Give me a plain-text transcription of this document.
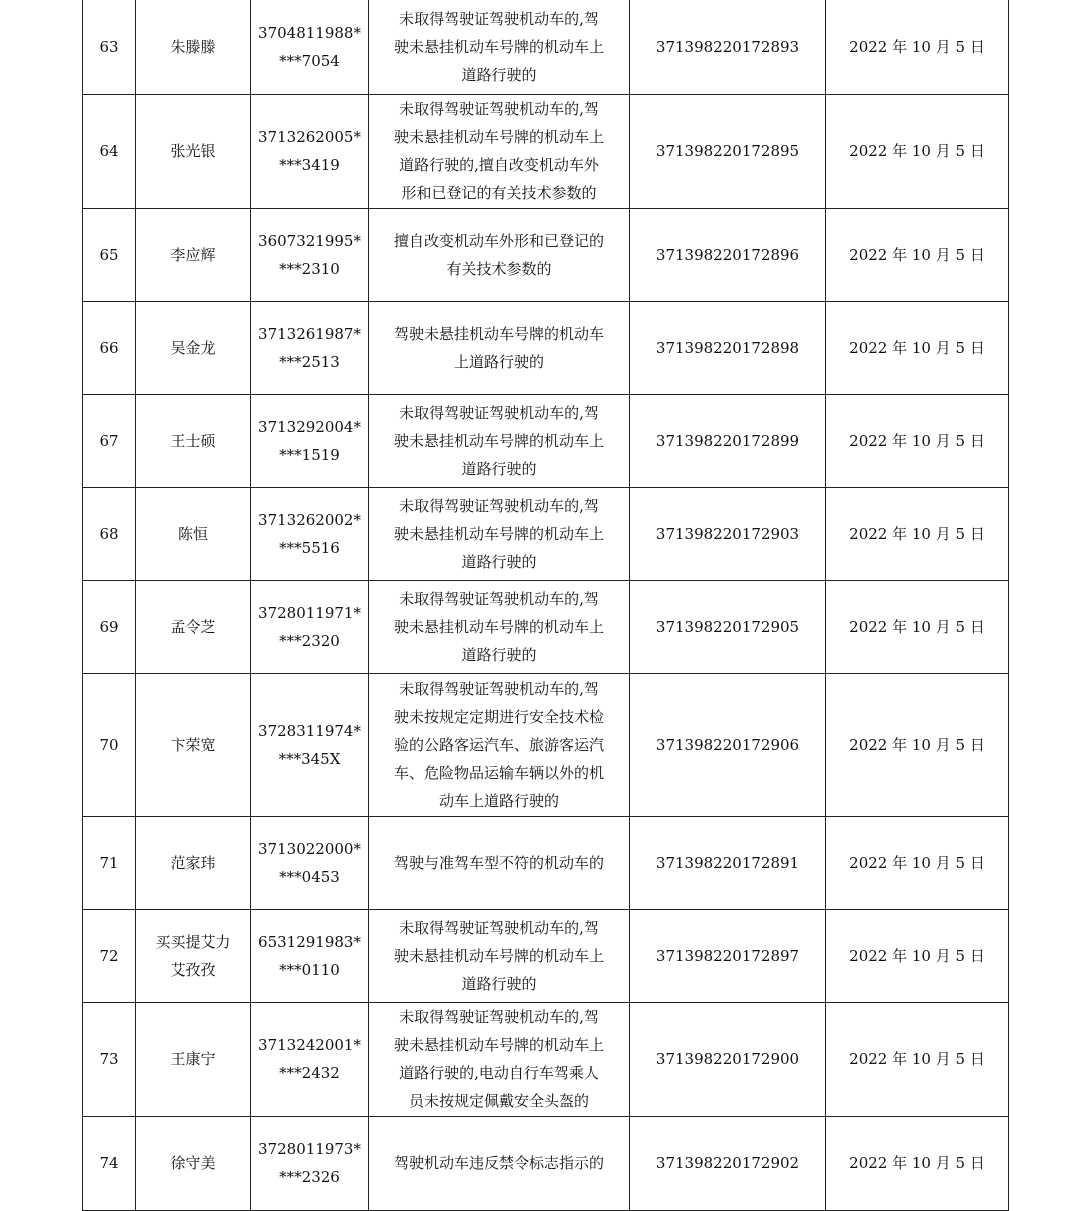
63	朱滕滕	3704811988*
***7054	未取得驾驶证驾驶机动车的,驾
驶未悬挂机动车号牌的机动车上
道路行驶的	371398220172893	2022 年 10 月 5 日
64	张光银	3713262005*
***3419	未取得驾驶证驾驶机动车的,驾
驶未悬挂机动车号牌的机动车上
道路行驶的,擅自改变机动车外
形和已登记的有关技术参数的	371398220172895	2022 年 10 月 5 日
65	李应辉	3607321995*
***2310	擅自改变机动车外形和已登记的
有关技术参数的	371398220172896	2022 年 10 月 5 日
66	吴金龙	3713261987*
***2513	驾驶未悬挂机动车号牌的机动车
上道路行驶的	371398220172898	2022 年 10 月 5 日
67	王士硕	3713292004*
***1519	未取得驾驶证驾驶机动车的,驾
驶未悬挂机动车号牌的机动车上
道路行驶的	371398220172899	2022 年 10 月 5 日
68	陈恒	3713262002*
***5516	未取得驾驶证驾驶机动车的,驾
驶未悬挂机动车号牌的机动车上
道路行驶的	371398220172903	2022 年 10 月 5 日
69	孟令芝	3728011971*
***2320	未取得驾驶证驾驶机动车的,驾
驶未悬挂机动车号牌的机动车上
道路行驶的	371398220172905	2022 年 10 月 5 日
70	卞荣宽	3728311974*
***345X	未取得驾驶证驾驶机动车的,驾
驶未按规定定期进行安全技术检
验的公路客运汽车、旅游客运汽
车、危险物品运输车辆以外的机
动车上道路行驶的	371398220172906	2022 年 10 月 5 日
71	范家玮	3713022000*
***0453	驾驶与准驾车型不符的机动车的	371398220172891	2022 年 10 月 5 日
72	买买提艾力
艾孜孜	6531291983*
***0110	未取得驾驶证驾驶机动车的,驾
驶未悬挂机动车号牌的机动车上
道路行驶的	371398220172897	2022 年 10 月 5 日
73	王康宁	3713242001*
***2432	未取得驾驶证驾驶机动车的,驾
驶未悬挂机动车号牌的机动车上
道路行驶的,电动自行车驾乘人
员未按规定佩戴安全头盔的	371398220172900	2022 年 10 月 5 日
74	徐守美	3728011973*
***2326	驾驶机动车违反禁令标志指示的	371398220172902	2022 年 10 月 5 日
